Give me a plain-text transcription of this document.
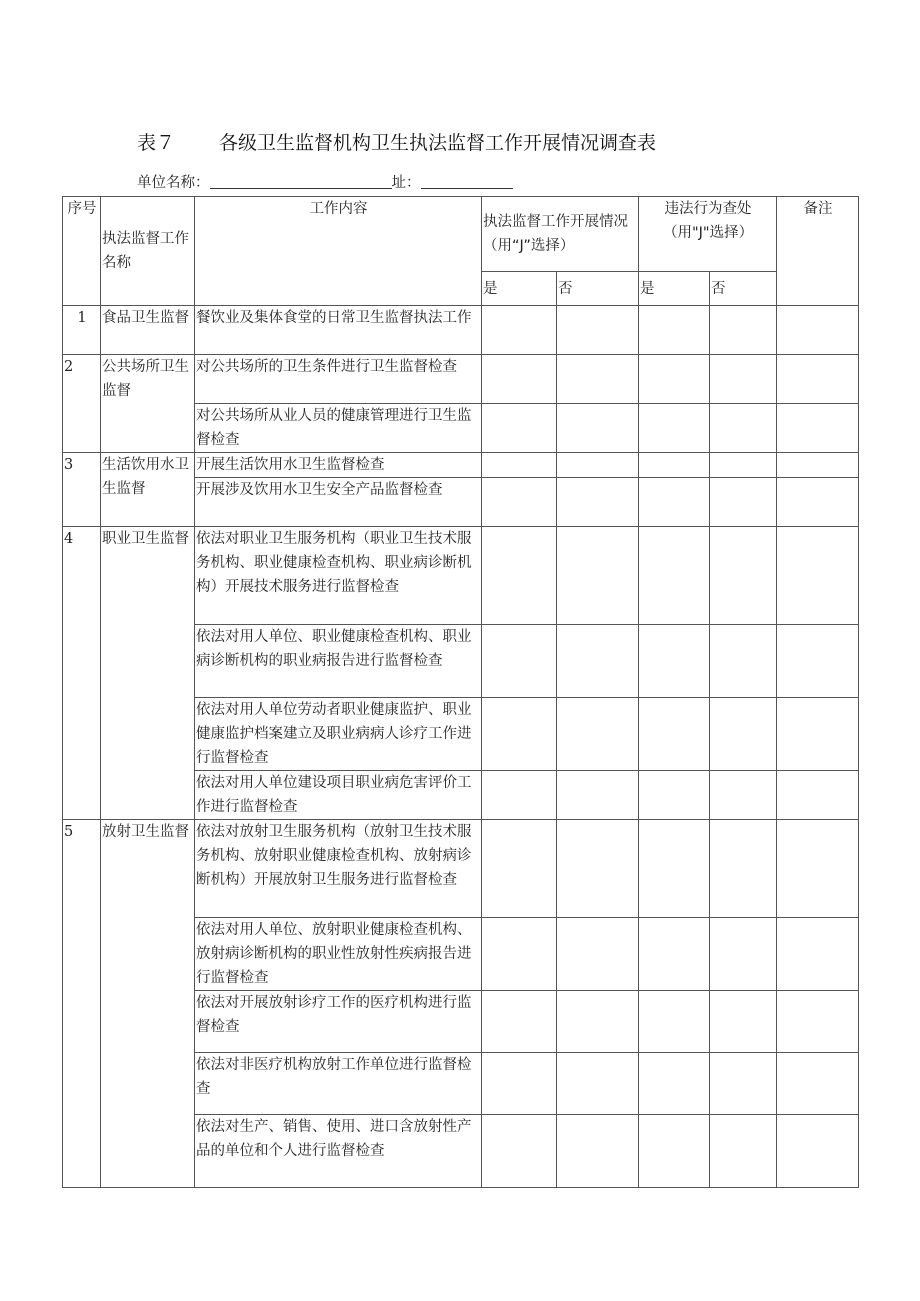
表７ 各级卫生监督机构卫生执法监督工作开展情况调查表
单位名称：	址：
序号	执法监督工作名称	工作内容	执法监督工作开展情况（用“J”选择）		违法行为查处（用"J"选择）		备注
			是	否	是	否	
1	食品卫生监督	餐饮业及集体食堂的日常卫生监督执法工作					
2	公共场所卫生监督	对公共场所的卫生条件进行卫生监督检查					
		对公共场所从业人员的健康管理进行卫生监督检查					
3	生活饮用水卫生监督	开展生活饮用水卫生监督检查					
		开展涉及饮用水卫生安全产品监督检查					
4	职业卫生监督	依法对职业卫生服务机构（职业卫生技术服务机构、职业健康检查机构、职业病诊断机构）开展技术服务进行监督检查					
		依法对用人单位、职业健康检查机构、职业病诊断机构的职业病报告进行监督检查					
		依法对用人单位劳动者职业健康监护、职业健康监护档案建立及职业病病人诊疗工作进行监督检查					
		依法对用人单位建设项目职业病危害评价工作进行监督检查					
5	放射卫生监督	依法对放射卫生服务机构（放射卫生技术服务机构、放射职业健康检查机构、放射病诊断机构）开展放射卫生服务进行监督检查					
		依法对用人单位、放射职业健康检查机构、放射病诊断机构的职业性放射性疾病报告进行监督检查					
		依法对开展放射诊疗工作的医疗机构进行监督检查					
		依法对非医疗机构放射工作单位进行监督检查					
		依法对生产、销售、使用、进口含放射性产品的单位和个人进行监督检查					
